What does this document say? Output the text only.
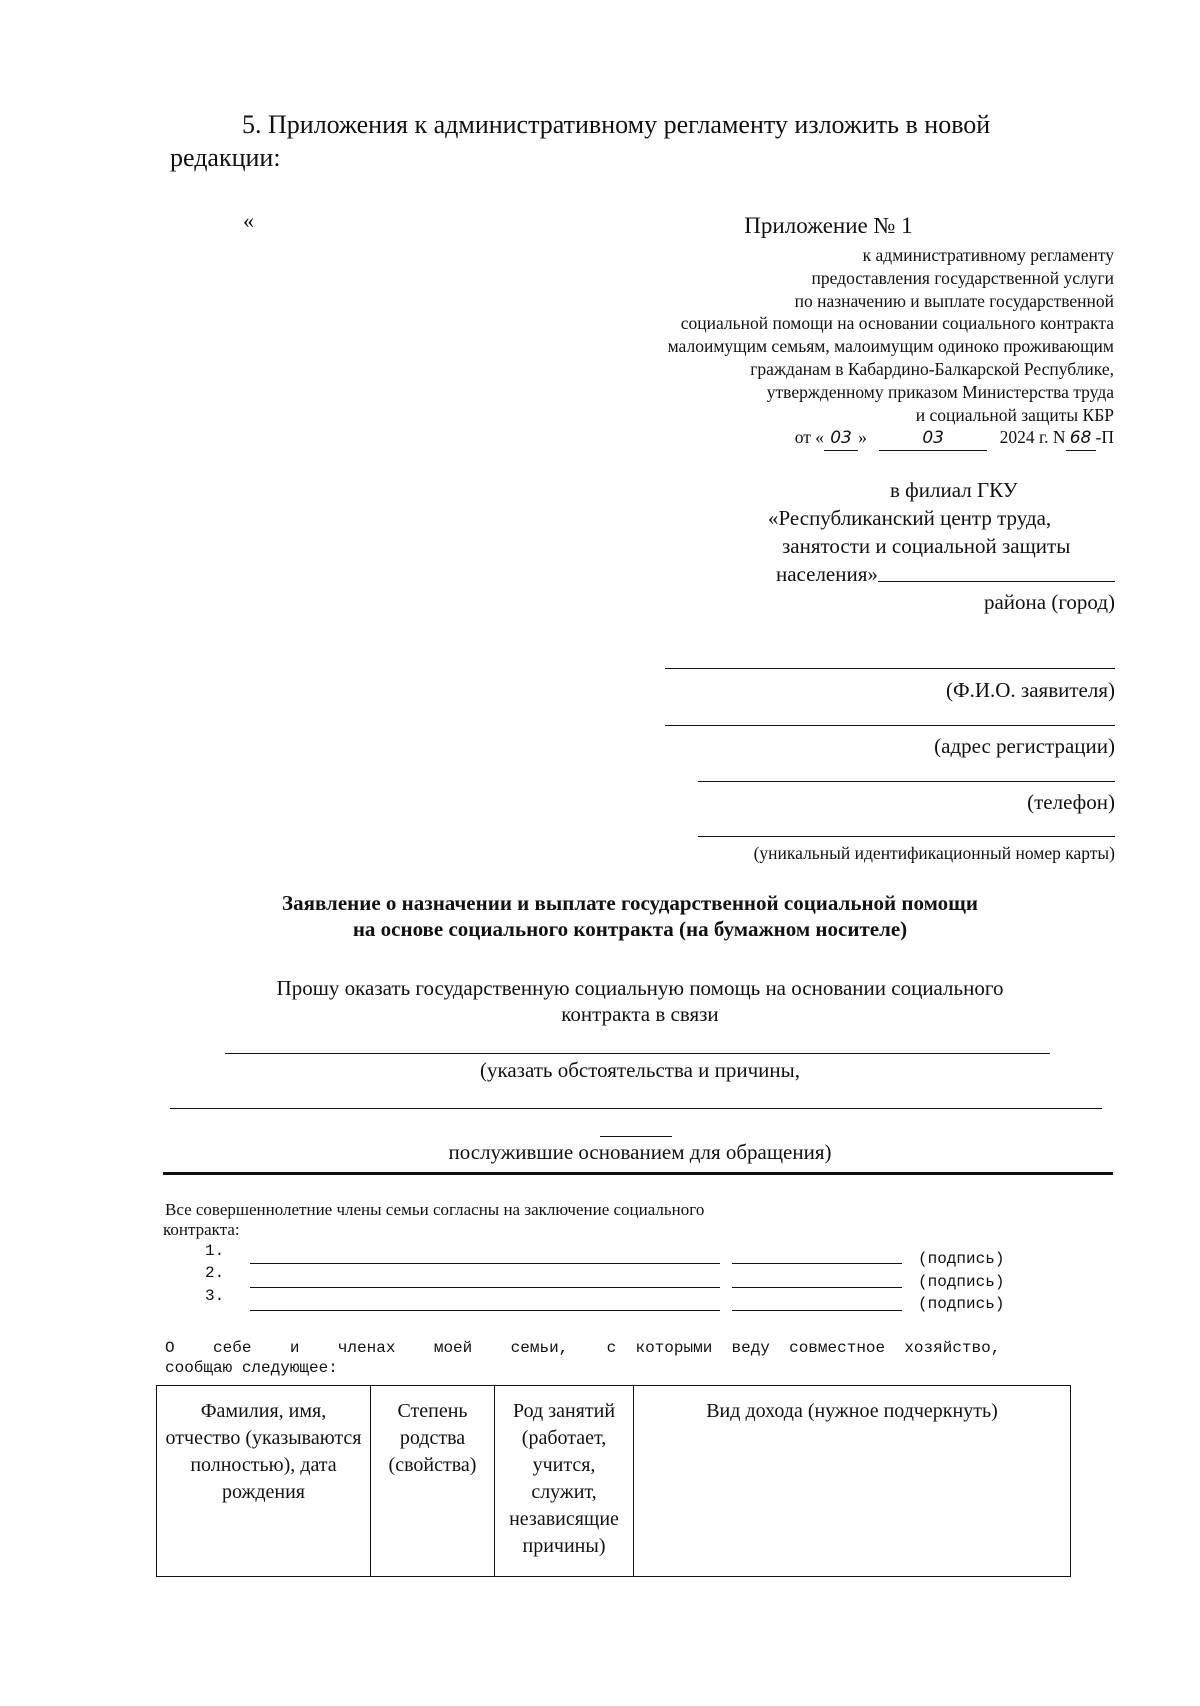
5. Приложения к административному регламенту изложить в новой
редакции:
«	Приложение № 1
к административному регламенту
предоставления государственной услуги
по назначению и выплате государственной
социальной помощи на основании социального контракта
малоимущим семьям, малоимущим одиноко проживающим
гражданам в Кабардино-Балкарской Республике,
утвержденному приказом Министерства труда
и социальной защиты КБР
от « 03 »	03	2024 г. N 68 -П
в филиал ГКУ
«Республиканский центр труда,
занятости и социальной защиты
населения»
района (город)
(Ф.И.О. заявителя)
(адрес регистрации)
(телефон)
(уникальный идентификационный номер карты)
Заявление о назначении и выплате государственной социальной помощи
на основе социального контракта (на бумажном носителе)
Прошу оказать государственную социальную помощь на основании социального
контракта в связи
(указать обстоятельства и причины,
послужившие основанием для обращения)
Все совершеннолетние члены семьи согласны на заключение социального
контракта:
1.	(подпись)
2.	(подпись)
3.	(подпись)
О    себе    и    членах    моей    семьи,    с  которыми  веду  совместное  хозяйство,
сообщаю следующее:
Фамилия, имя, отчество (указываются полностью), дата рождения	Степень родства (свойства)	Род занятий (работает, учится, служит, независящие причины)	Вид дохода (нужное подчеркнуть)
